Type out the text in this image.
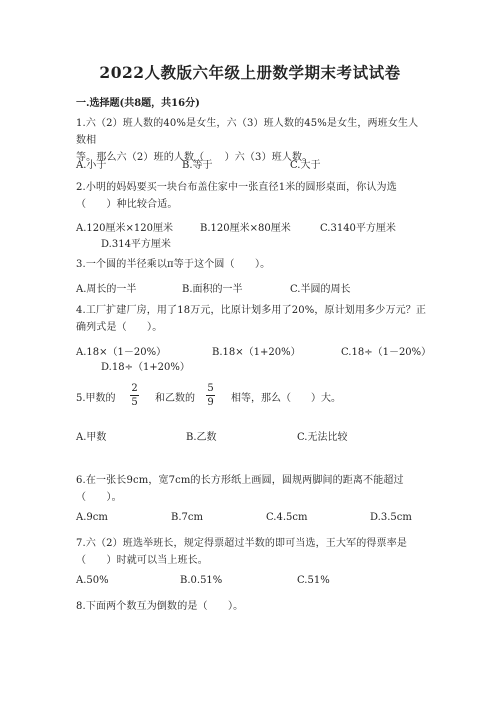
2022人教版六年级上册数学期末考试试卷
一.选择题(共8题，共16分)
1.六（2）班人数的40%是女生，六（3）班人数的45%是女生，两班女生人数相
等。那么六（2）班的人数（　　）六（3）班人数。
A.小于	B.等于	C.大于
2.小明的妈妈要买一块台布盖住家中一张直径1米的圆形桌面，你认为选
（　　）种比较合适。
A.120厘米×120厘米	B.120厘米×80厘米	C.3140平方厘米
D.314平方厘米
3.一个圆的半径乘以π等于这个圆（　　）。
A.周长的一半	B.面积的一半	C.半圆的周长
4.工厂扩建厂房，用了18万元，比原计划多用了20%，原计划用多少万元？正
确列式是（　　）。
A.18×（1－20%）	B.18×（1+20%）	C.18÷（1－20%）
D.18÷（1+20%）
5.甲数的
2
5 和乙数的
5
9 相等，那么（　　）大。
A.甲数	B.乙数	C.无法比较
6.在一张长9cm，宽7cm的长方形纸上画圆，圆规两脚间的距离不能超过
（　　）。
A.9cm	B.7cm	C.4.5cm	D.3.5cm
7.六（2）班选举班长，规定得票超过半数的即可当选，王大军的得票率是
（　　）时就可以当上班长。
A.50%	B.0.51%	C.51%
8.下面两个数互为倒数的是（　　）。
